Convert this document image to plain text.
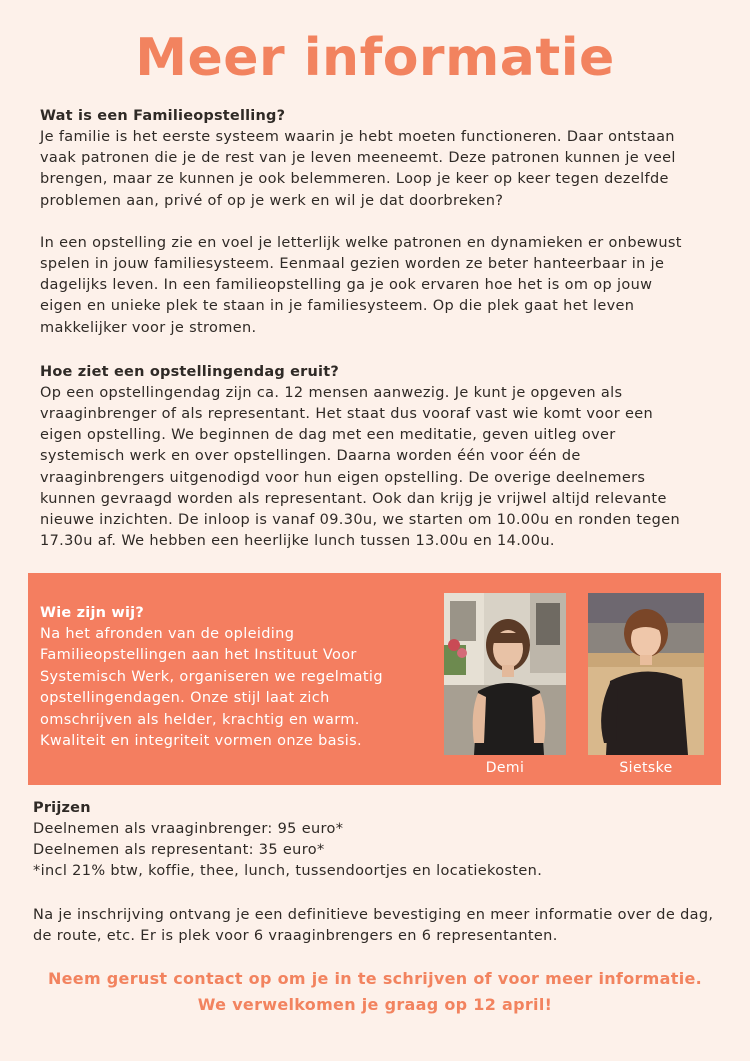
Meer informatie
Wat is een Familieopstelling?
Je familie is het eerste systeem waarin je hebt moeten functioneren. Daar ontstaan
vaak patronen die je de rest van je leven meeneemt. Deze patronen kunnen je veel
brengen, maar ze kunnen je ook belemmeren. Loop je keer op keer tegen dezelfde
problemen aan, privé of op je werk en wil je dat doorbreken?
In een opstelling zie en voel je letterlijk welke patronen en dynamieken er onbewust
spelen in jouw familiesysteem. Eenmaal gezien worden ze beter hanteerbaar in je
dagelijks leven. In een familieopstelling ga je ook ervaren hoe het is om op jouw
eigen en unieke plek te staan in je familiesysteem. Op die plek gaat het leven
makkelijker voor je stromen.
Hoe ziet een opstellingendag eruit?
Op een opstellingendag zijn ca. 12 mensen aanwezig. Je kunt je opgeven als
vraaginbrenger of als representant. Het staat dus vooraf vast wie komt voor een
eigen opstelling. We beginnen de dag met een meditatie, geven uitleg over
systemisch werk en over opstellingen. Daarna worden één voor één de
vraaginbrengers uitgenodigd voor hun eigen opstelling. De overige deelnemers
kunnen gevraagd worden als representant. Ook dan krijg je vrijwel altijd relevante
nieuwe inzichten. De inloop is vanaf 09.30u, we starten om 10.00u en ronden tegen
17.30u af. We hebben een heerlijke lunch tussen 13.00u en 14.00u.
Wie zijn wij?
Na het afronden van de opleiding
Familieopstellingen aan het Instituut Voor
Systemisch Werk, organiseren we regelmatig
opstellingendagen. Onze stijl laat zich
omschrijven als helder, krachtig en warm.
Kwaliteit en integriteit vormen onze basis.
Demi	Sietske
Prijzen
Deelnemen als vraaginbrenger: 95 euro*
Deelnemen als representant: 35 euro*
*incl 21% btw, koffie, thee, lunch, tussendoortjes en locatiekosten.
Na je inschrijving ontvang je een definitieve bevestiging en meer informatie over de dag,
de route, etc. Er is plek voor 6 vraaginbrengers en 6 representanten.
Neem gerust contact op om je in te schrijven of voor meer informatie.
We verwelkomen je graag op 12 april!
